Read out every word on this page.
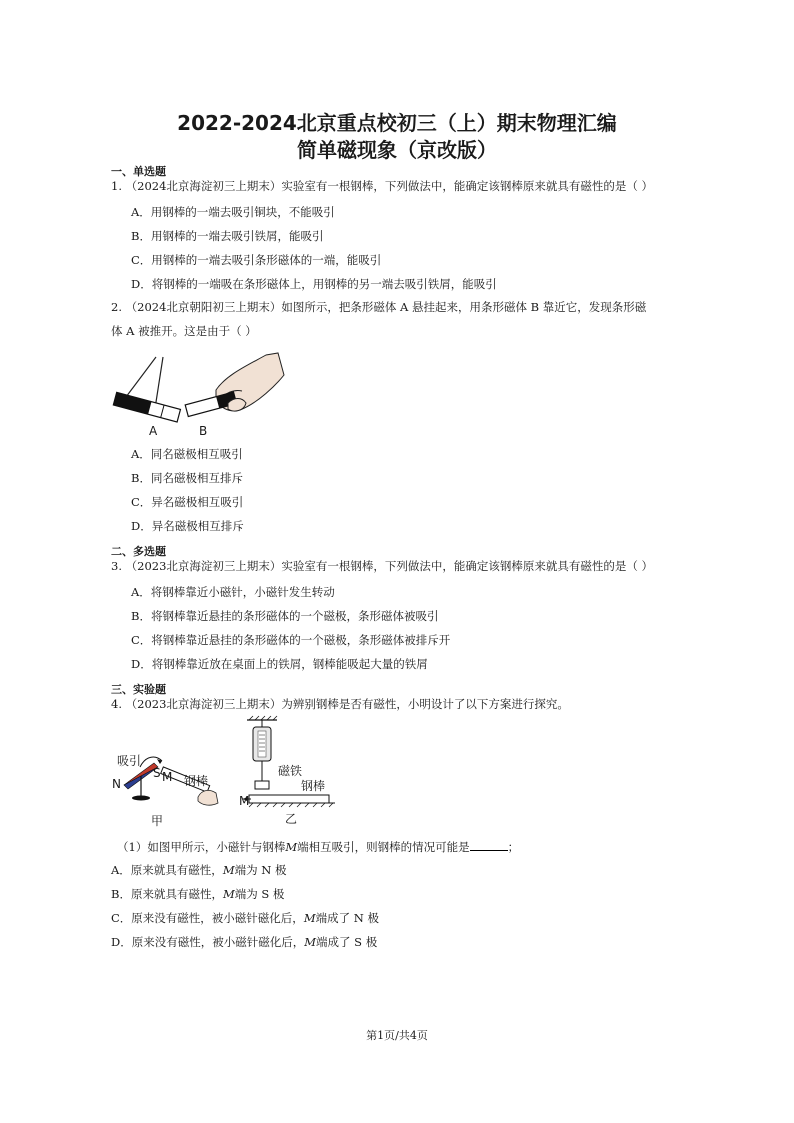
2022-2024北京重点校初三（上）期末物理汇编
简单磁现象（京改版）
一、单选题
1. （2024北京海淀初三上期末）实验室有一根钢棒，下列做法中，能确定该钢棒原来就具有磁性的是（ ）
A．用钢棒的一端去吸引铜块，不能吸引
B．用钢棒的一端去吸引铁屑，能吸引
C．用钢棒的一端去吸引条形磁体的一端，能吸引
D．将钢棒的一端吸在条形磁体上，用钢棒的另一端去吸引铁屑，能吸引
2. （2024北京朝阳初三上期末）如图所示，把条形磁体 A 悬挂起来，用条形磁体 B 靠近它，发现条形磁
体 A 被推开。这是由于（ ）
A	B
A．同名磁极相互吸引
B．同名磁极相互排斥
C．异名磁极相互吸引
D．异名磁极相互排斥
二、多选题
3. （2023北京海淀初三上期末）实验室有一根钢棒，下列做法中，能确定该钢棒原来就具有磁性的是（ ）
A．将钢棒靠近小磁针，小磁针发生转动
B．将钢棒靠近悬挂的条形磁体的一个磁极，条形磁体被吸引
C．将钢棒靠近悬挂的条形磁体的一个磁极，条形磁体被排斥开
D．将钢棒靠近放在桌面上的铁屑，钢棒能吸起大量的铁屑
三、实验题
4. （2023北京海淀初三上期末）为辨别钢棒是否有磁性，小明设计了以下方案进行探究。
吸引
N
S M 钢棒
甲
磁铁
钢棒
M
乙
（1）如图甲所示，小磁针与钢棒M端相互吸引，则钢棒的情况可能是	；
A．原来就具有磁性，M端为 N 极
B．原来就具有磁性，M端为 S 极
C．原来没有磁性，被小磁针磁化后，M端成了 N 极
D．原来没有磁性，被小磁针磁化后，M端成了 S 极
第1页/共4页
